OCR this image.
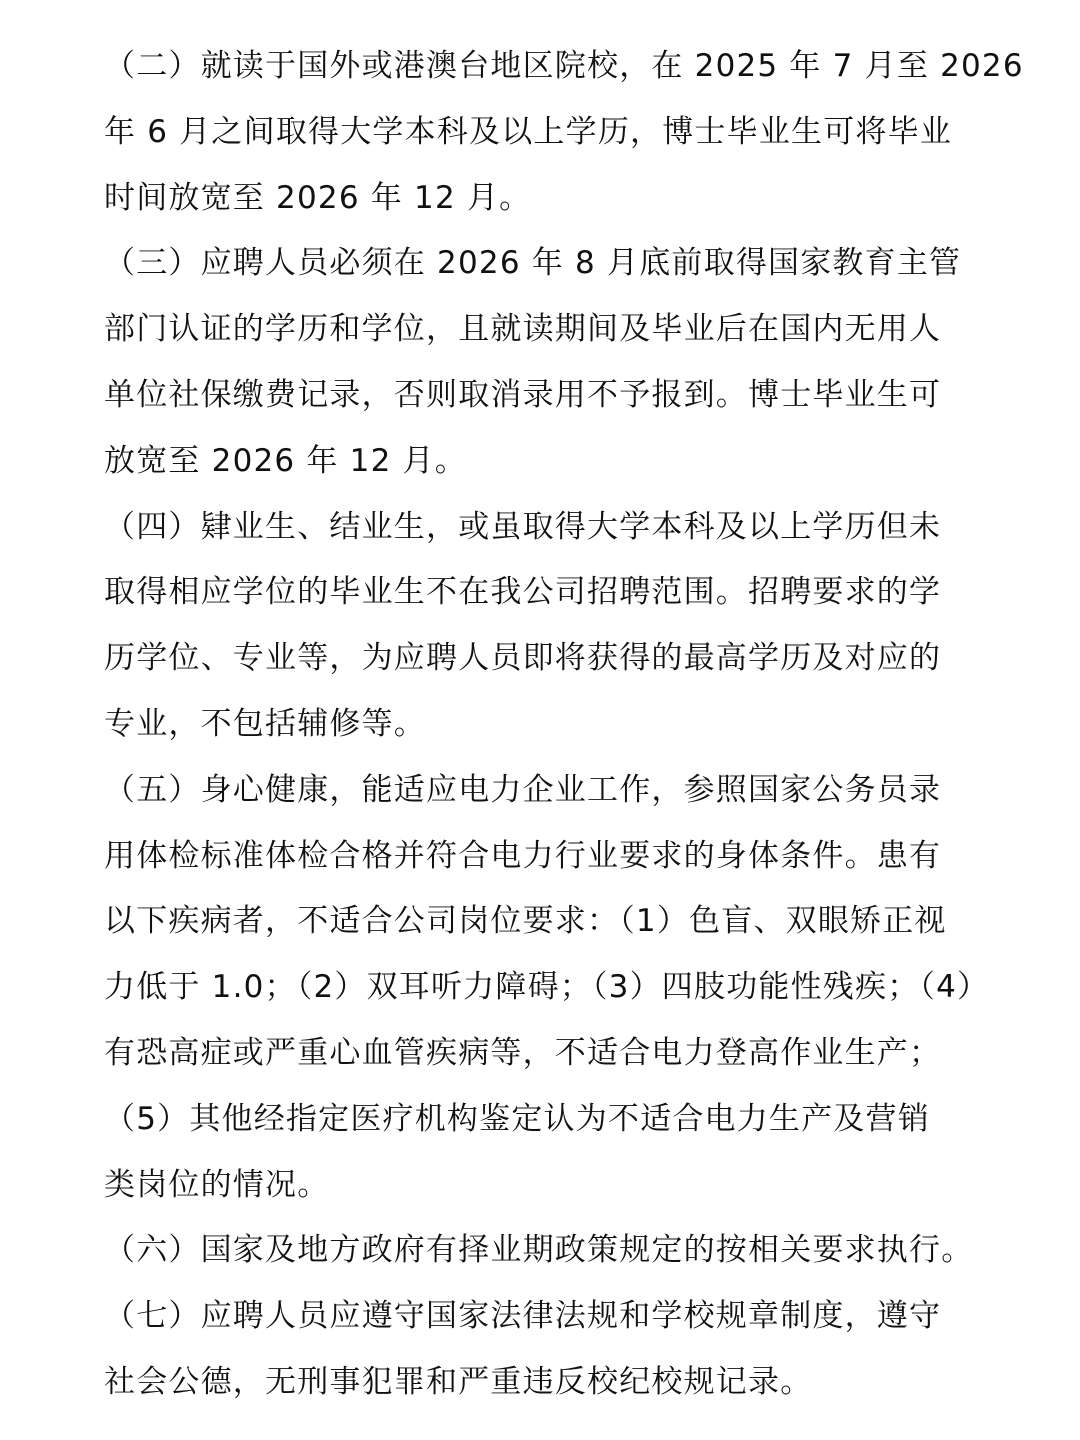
（二）就读于国外或港澳台地区院校，在 2025 年 7 月至 2026
年 6 月之间取得大学本科及以上学历，博士毕业生可将毕业
时间放宽至 2026 年 12 月。
（三）应聘人员必须在 2026 年 8 月底前取得国家教育主管
部门认证的学历和学位，且就读期间及毕业后在国内无用人
单位社保缴费记录，否则取消录用不予报到。博士毕业生可
放宽至 2026 年 12 月。
（四）肄业生、结业生，或虽取得大学本科及以上学历但未
取得相应学位的毕业生不在我公司招聘范围。招聘要求的学
历学位、专业等，为应聘人员即将获得的最高学历及对应的
专业，不包括辅修等。
（五）身心健康，能适应电力企业工作，参照国家公务员录
用体检标准体检合格并符合电力行业要求的身体条件。患有
以下疾病者，不适合公司岗位要求：（1）色盲、双眼矫正视
力低于 1.0；（2）双耳听力障碍；（3）四肢功能性残疾；（4）
有恐高症或严重心血管疾病等，不适合电力登高作业生产；
（5）其他经指定医疗机构鉴定认为不适合电力生产及营销
类岗位的情况。
（六）国家及地方政府有择业期政策规定的按相关要求执行。
（七）应聘人员应遵守国家法律法规和学校规章制度，遵守
社会公德，无刑事犯罪和严重违反校纪校规记录。
